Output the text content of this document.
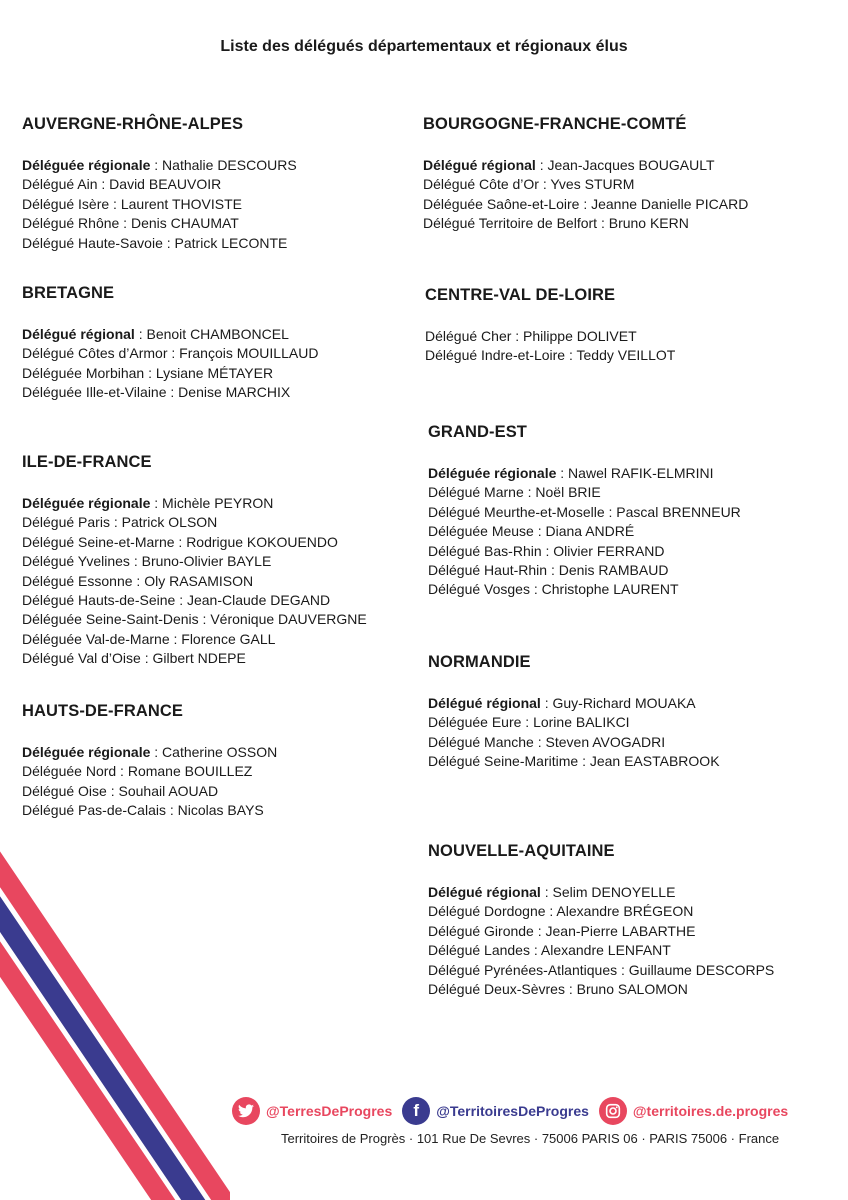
Liste des délégués départementaux et régionaux élus
AUVERGNE-RHÔNE-ALPES
Déléguée régionale : Nathalie DESCOURS
Délégué Ain : David BEAUVOIR
Délégué Isère : Laurent THOVISTE
Délégué Rhône : Denis CHAUMAT
Délégué Haute-Savoie : Patrick LECONTE
BRETAGNE
Délégué régional : Benoit CHAMBONCEL
Délégué Côtes d’Armor : François MOUILLAUD
Déléguée Morbihan : Lysiane MÉTAYER
Déléguée Ille-et-Vilaine : Denise MARCHIX
ILE-DE-FRANCE
Déléguée régionale : Michèle PEYRON
Délégué Paris : Patrick OLSON
Délégué Seine-et-Marne : Rodrigue KOKOUENDO
Délégué Yvelines : Bruno-Olivier BAYLE
Délégué Essonne : Oly RASAMISON
Délégué Hauts-de-Seine : Jean-Claude DEGAND
Déléguée Seine-Saint-Denis : Véronique DAUVERGNE
Déléguée Val-de-Marne : Florence GALL
Délégué Val d’Oise : Gilbert NDEPE
HAUTS-DE-FRANCE
Déléguée régionale : Catherine OSSON
Déléguée Nord : Romane BOUILLEZ
Délégué Oise : Souhail AOUAD
Délégué Pas-de-Calais : Nicolas BAYS
BOURGOGNE-FRANCHE-COMTÉ
Délégué régional : Jean-Jacques BOUGAULT
Délégué Côte d’Or : Yves STURM
Déléguée Saône-et-Loire : Jeanne Danielle PICARD
Délégué Territoire de Belfort : Bruno KERN
CENTRE-VAL DE-LOIRE
Délégué Cher : Philippe DOLIVET
Délégué Indre-et-Loire : Teddy VEILLOT
GRAND-EST
Déléguée régionale : Nawel RAFIK-ELMRINI
Délégué Marne : Noël BRIE
Délégué Meurthe-et-Moselle : Pascal BRENNEUR
Déléguée Meuse : Diana ANDRÉ
Délégué Bas-Rhin : Olivier FERRAND
Délégué Haut-Rhin : Denis RAMBAUD
Délégué Vosges : Christophe LAURENT
NORMANDIE
Délégué régional : Guy-Richard MOUAKA
Déléguée Eure : Lorine BALIKCI
Délégué Manche : Steven AVOGADRI
Délégué Seine-Maritime : Jean EASTABROOK
NOUVELLE-AQUITAINE
Délégué régional : Selim DENOYELLE
Délégué Dordogne : Alexandre BRÉGEON
Délégué Gironde : Jean-Pierre LABARTHE
Délégué Landes : Alexandre LENFANT
Délégué Pyrénées-Atlantiques : Guillaume DESCORPS
Délégué Deux-Sèvres : Bruno SALOMON
@TerresDeProgres f @TerritoiresDeProgres	@territoires.de.progres
Territoires de Progrès · 101 Rue De Sevres · 75006 PARIS 06 · PARIS 75006 · France
